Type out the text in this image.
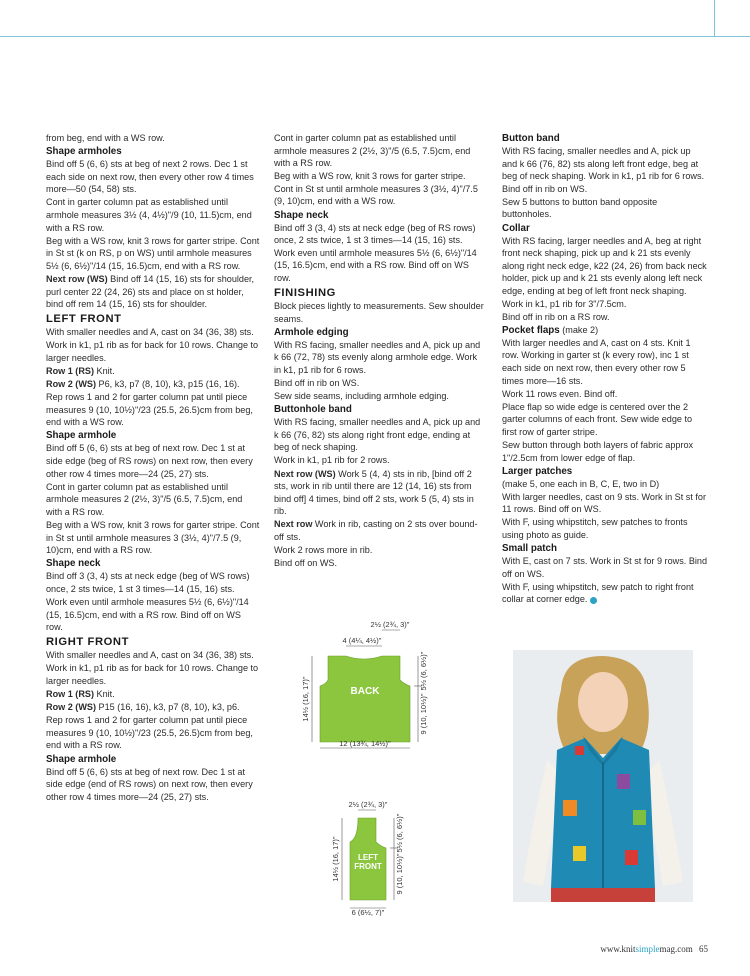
from beg, end with a WS row.

Shape armholes

Bind off 5 (6, 6) sts at beg of next 2 rows. Dec 1 st each side on next row, then every other row 4 times more—50 (54, 58) sts.

Cont in garter column pat as established until armhole measures 3½ (4, 4½)"/9 (10, 11.5)cm, end with a RS row.

Beg with a WS row, knit 3 rows for garter stripe. Cont in St st (k on RS, p on WS) until armhole measures 5½ (6, 6½)"/14 (15, 16.5)cm, end with a RS row.

Next row (WS) Bind off 14 (15, 16) sts for shoulder, purl center 22 (24, 26) sts and place on st holder, bind off rem 14 (15, 16) sts for shoulder.

LEFT FRONT

With smaller needles and A, cast on 34 (36, 38) sts.

Work in k1, p1 rib as for back for 10 rows. Change to larger needles.

Row 1 (RS) Knit.

Row 2 (WS) P6, k3, p7 (8, 10), k3, p15 (16, 16).

Rep rows 1 and 2 for garter column pat until piece measures 9 (10, 10½)"/23 (25.5, 26.5)cm from beg, end with a WS row.

Shape armhole

Bind off 5 (6, 6) sts at beg of next row. Dec 1 st at side edge (beg of RS rows) on next row, then every other row 4 times more—24 (25, 27) sts.

Cont in garter column pat as established until armhole measures 2 (2½, 3)"/5 (6.5, 7.5)cm, end with a RS row.

Beg with a WS row, knit 3 rows for garter stripe. Cont in St st until armhole measures 3 (3½, 4)"/7.5 (9, 10)cm, end with a RS row.

Shape neck

Bind off 3 (3, 4) sts at neck edge (beg of WS rows) once, 2 sts twice, 1 st 3 times—14 (15, 16) sts.

Work even until armhole measures 5½ (6, 6½)"/14 (15, 16.5)cm, end with a RS row. Bind off on WS row.

RIGHT FRONT

With smaller needles and A, cast on 34 (36, 38) sts.

Work in k1, p1 rib as for back for 10 rows. Change to larger needles.

Row 1 (RS) Knit.

Row 2 (WS) P15 (16, 16), k3, p7 (8, 10), k3, p6.

Rep rows 1 and 2 for garter column pat until piece measures 9 (10, 10½)"/23 (25.5, 26.5)cm from beg, end with a RS row.

Shape armhole

Bind off 5 (6, 6) sts at beg of next row. Dec 1 st at side edge (end of RS rows) on next row, then every other row 4 times more—24 (25, 27) sts.

Cont in garter column pat as established until armhole measures 2 (2½, 3)"/5 (6.5, 7.5)cm, end with a RS row.

Beg with a WS row, knit 3 rows for garter stripe. Cont in St st until armhole measures 3 (3½, 4)"/7.5 (9, 10)cm, end with a WS row.

Shape neck

Bind off 3 (3, 4) sts at neck edge (beg of RS rows) once, 2 sts twice, 1 st 3 times—14 (15, 16) sts. Work even until armhole measures 5½ (6, 6½)"/14 (15, 16.5)cm, end with a RS row. Bind off on WS row.

FINISHING

Block pieces lightly to measurements. Sew shoulder seams.

Armhole edging

With RS facing, smaller needles and A, pick up and k 66 (72, 78) sts evenly along armhole edge. Work in k1, p1 rib for 6 rows.

Bind off in rib on WS.

Sew side seams, including armhole edging.

Buttonhole band

With RS facing, smaller needles and A, pick up and k 66 (76, 82) sts along right front edge, ending at beg of neck shaping.

Work in k1, p1 rib for 2 rows.

Next row (WS) Work 5 (4, 4) sts in rib, [bind off 2 sts, work in rib until there are 12 (14, 16) sts from bind off] 4 times, bind off 2 sts, work 5 (5, 4) sts in rib.

Next row Work in rib, casting on 2 sts over bound-off sts.

Work 2 rows more in rib.

Bind off on WS.

Button band

With RS facing, smaller needles and A, pick up and k 66 (76, 82) sts along left front edge, beg at beg of neck shaping. Work in k1, p1 rib for 6 rows. Bind off in rib on WS.

Sew 5 buttons to button band opposite buttonholes.

Collar

With RS facing, larger needles and A, beg at right front neck shaping, pick up and k 21 sts evenly along right neck edge, k22 (24, 26) from back neck holder, pick up and k 21 sts evenly along left neck edge, ending at beg of left front neck shaping. Work in k1, p1 rib for 3"/7.5cm.

Bind off in rib on a RS row.

Pocket flaps (make 2)

With larger needles and A, cast on 4 sts. Knit 1 row. Working in garter st (k every row), inc 1 st each side on next row, then every other row 5 times more—16 sts.

Work 11 rows even. Bind off.

Place flap so wide edge is centered over the 2 garter columns of each front. Sew wide edge to first row of garter stripe.

Sew button through both layers of fabric approx 1"/2.5cm from lower edge of flap.

Larger patches

(make 5, one each in B, C, E, two in D)

With larger needles, cast on 9 sts. Work in St st for 11 rows. Bind off on WS.

With F, using whipstitch, sew patches to fronts using photo as guide.

Small patch

With E, cast on 7 sts. Work in St st for 9 rows. Bind off on WS.

With F, using whipstitch, sew patch to right front collar at corner edge.

BACK
2½ (2¾, 3)"
4 (4¼, 4½)"
14½ (16, 17)"
5½ (6, 6½)"
9 (10, 10½)"
12 (13¾, 14½)"
LEFT
FRONT
2½ (2¾, 3)"
14½ (16, 17)"
5½ (6, 6½)"
9 (10, 10½)"
6 (6½, 7)"
www.knitsimplemag.com 65
